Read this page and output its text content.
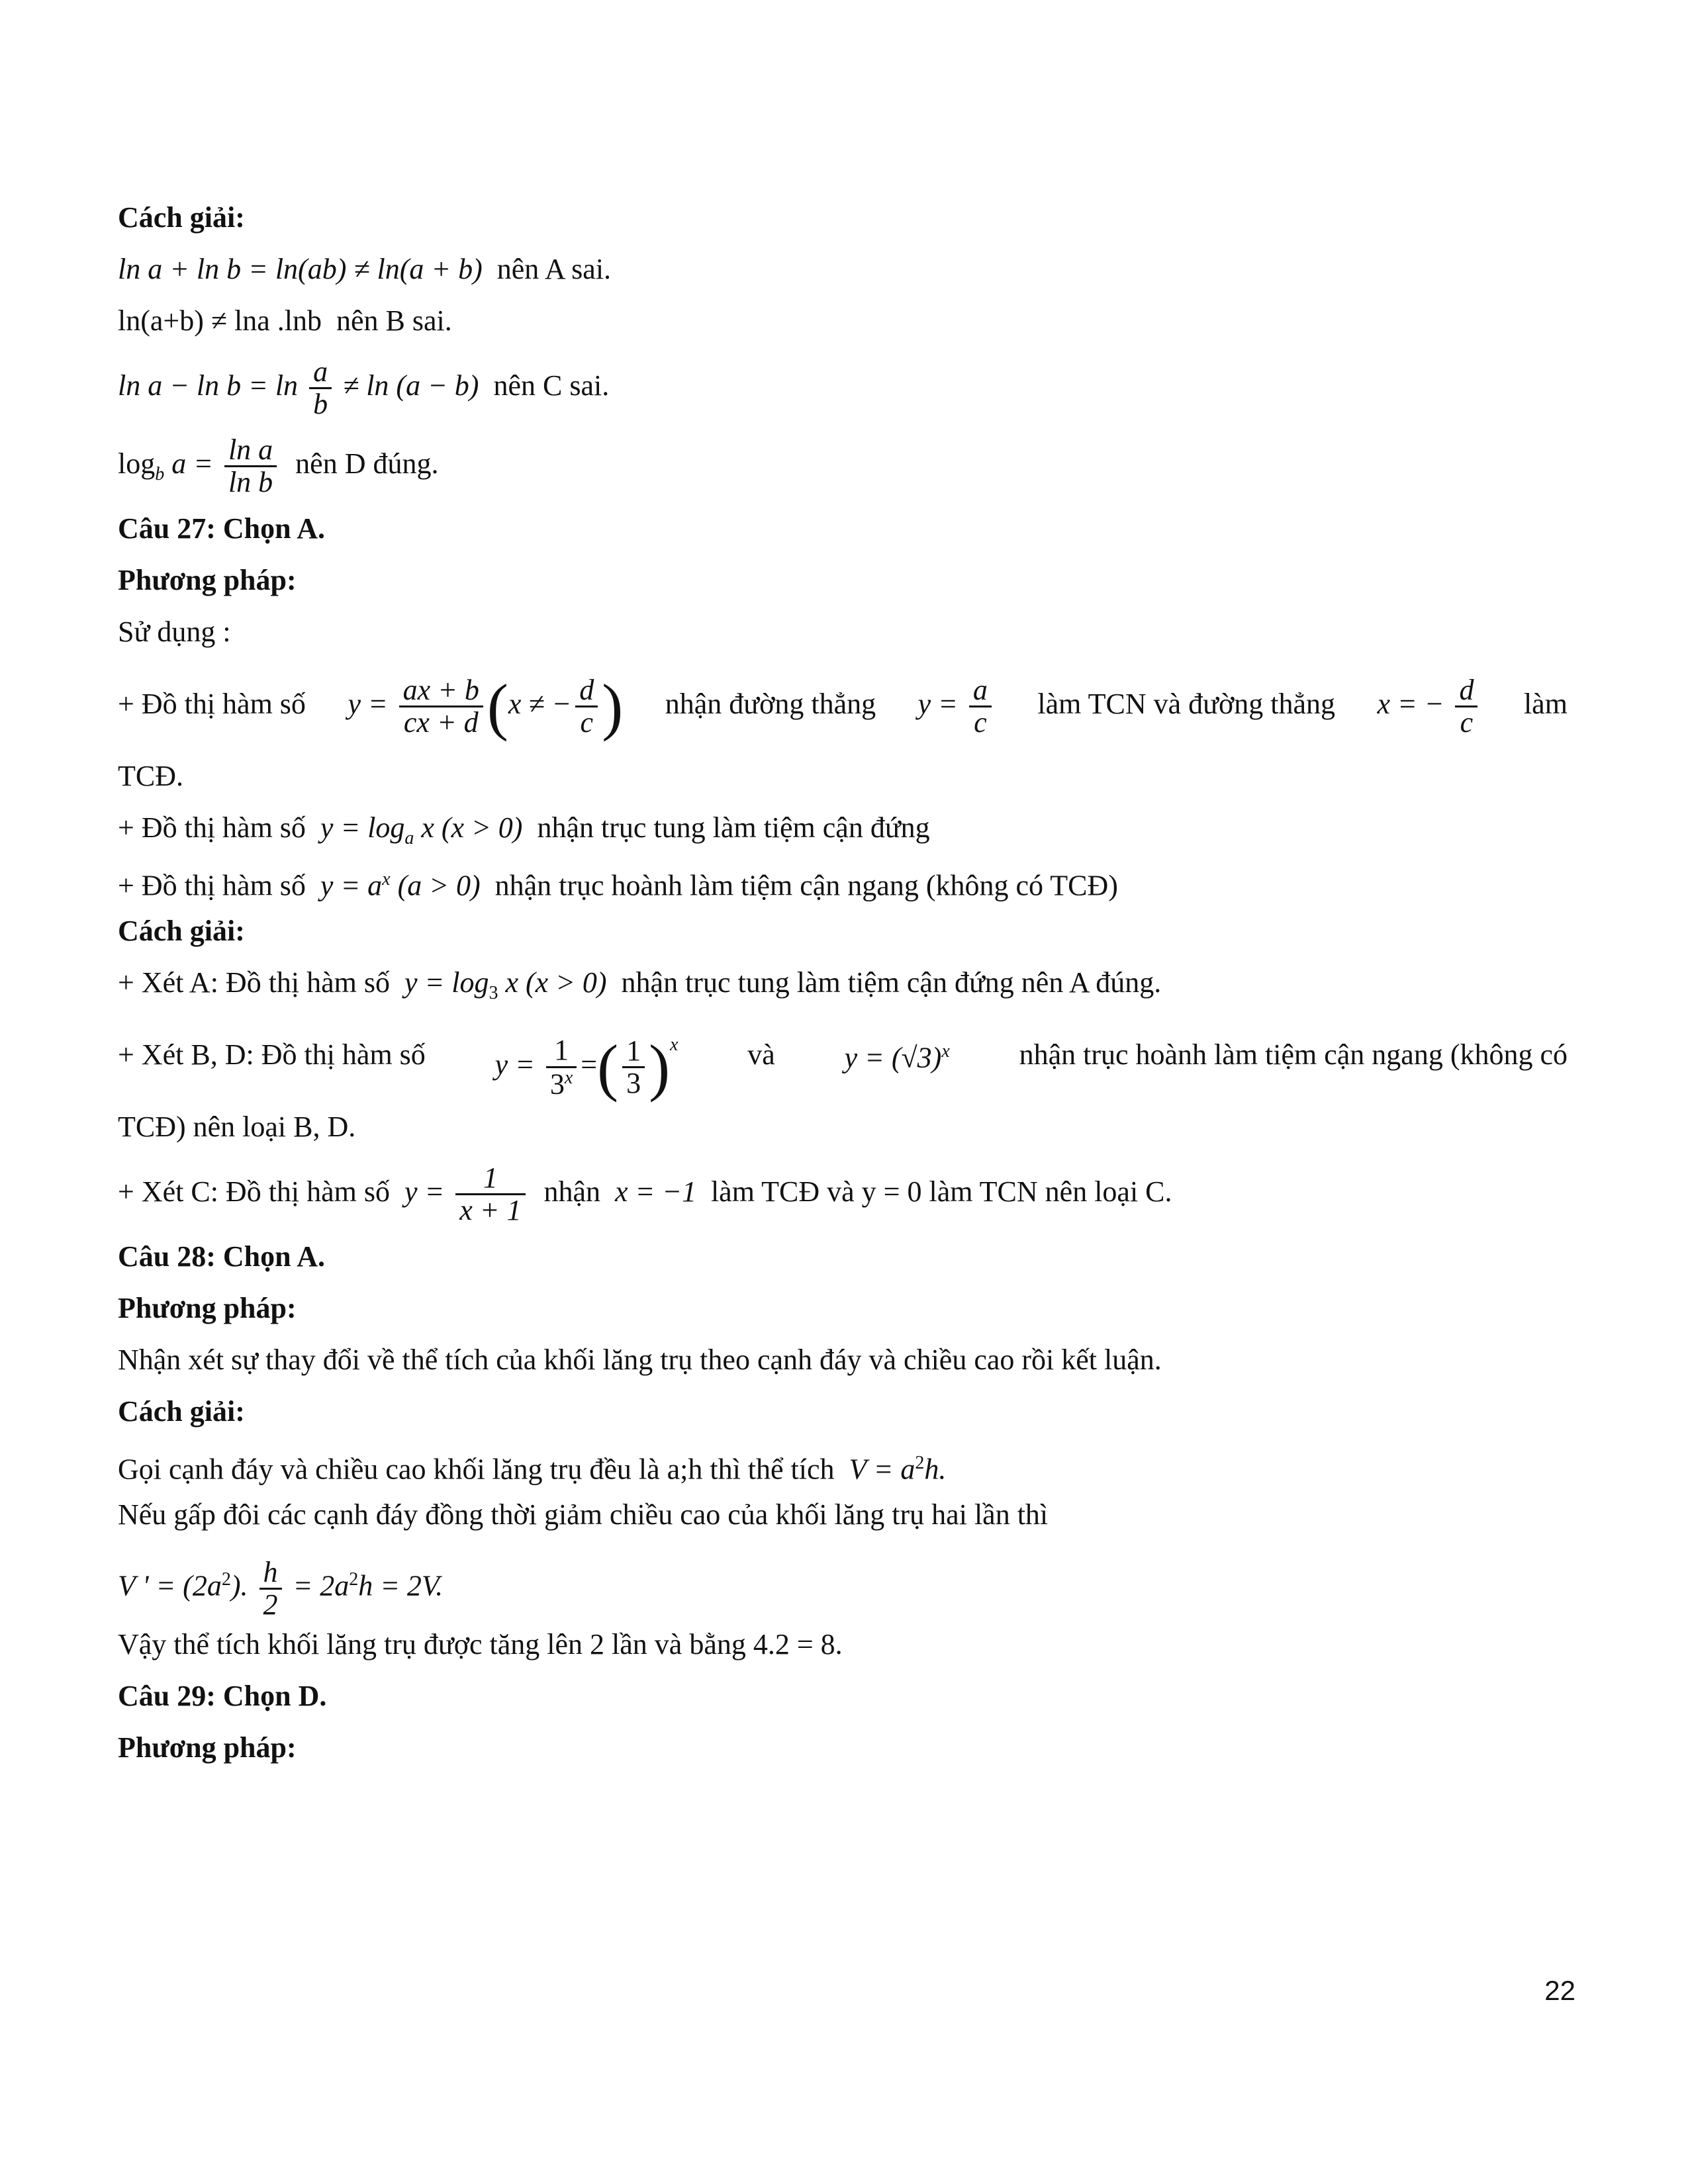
Cách giải:
ln a + ln b = ln(ab) ≠ ln(a + b) nên A sai.
ln(a+b) ≠ lna .lnb nên B sai.
$\ln a - \ln b = \ln \frac{a}{b} \ne \ln (a - b)$ nên C sai.
$\log_b a = \frac{\text{ln a}}{\text{ln b}}$ nên D đúng.
Câu 27: Chọn A.
Phương pháp:
Sử dụng :
+ Đồ thị hàm số $y = \frac{ax + b}{cx + d} (x$ ≠ − $\frac{d}{c}$ ) nhận đường thẳng $y = \frac{a}{c}$ làm TCN và đường thẳng x = − $\frac{d}{c}$ làm
TCĐ.
+ Đồ thị hàm số $y = \log_a x$ (x > 0) nhận trục tung làm tiệm cận đứng
+ Đồ thị hàm số $y = a^x$ (a > 0) nhận trục hoành làm tiệm cận ngang (không có TCĐ)
Cách giải:
+ Xét A: Đồ thị hàm số $y = \log_3 x$ (x > 0) nhận trục tung làm tiệm cận đứng nên A đúng.
+ Xét B, D: Đồ thị hàm số $y = \frac{1}{3^x}$ =( $\frac{1}{3} )^x$ và $y = (√3)^x$ nhận trục hoành làm tiệm cận ngang (không có
TCĐ) nên loại B, D.
+ Xét C: Đồ thị hàm số $y = \frac{1}{x + 1}$ nhận x = −1 làm TCĐ và y = 0 làm TCN nên loại C.
Câu 28: Chọn A.
Phương pháp:
Nhận xét sự thay đổi về thể tích của khối lăng trụ theo cạnh đáy và chiều cao rồi kết luận.
Cách giải:
Gọi cạnh đáy và chiều cao khối lăng trụ đều là a;h thì thể tích $V = a^2h$.
Nếu gấp đôi các cạnh đáy đồng thời giảm chiều cao của khối lăng trụ hai lần thì
V ' = $(2a^2)$. $\frac{h}{2} = 2a^2h = 2V$.
Vậy thể tích khối lăng trụ được tăng lên 2 lần và bằng 4.2 = 8.
Câu 29: Chọn D.
Phương pháp:
22
